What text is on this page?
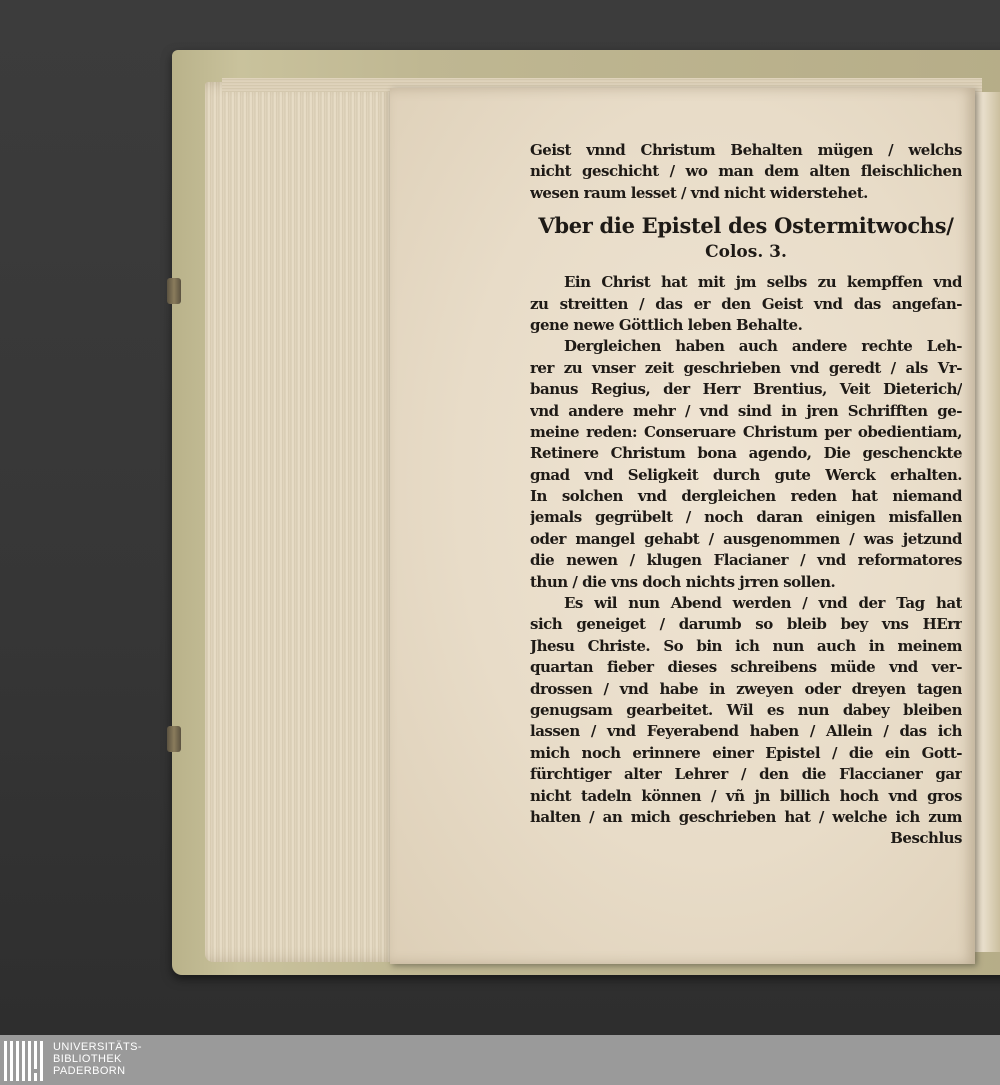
Geist vnnd Christum Behalten mügen / welchs
nicht geschicht / wo man dem alten fleischlichen
wesen raum lesset / vnd nicht widerstehet.
Vber die Epistel des Ostermitwochs/
Colos. 3.
Ein Christ hat mit jm selbs zu kempffen vnd
zu streitten / das er den Geist vnd das angefan-
gene newe Göttlich leben Behalte.
Dergleichen haben auch andere rechte Leh-
rer zu vnser zeit geschrieben vnd geredt / als Vr-
banus Regius, der Herr Brentius, Veit Dieterich/
vnd andere mehr / vnd sind in jren Schrifften ge-
meine reden: Conseruare Christum per obedientiam,
Retinere Christum bona agendo, Die geschenckte
gnad vnd Seligkeit durch gute Werck erhalten.
In solchen vnd dergleichen reden hat niemand
jemals gegrübelt / noch daran einigen misfallen
oder mangel gehabt / ausgenommen / was jetzund
die newen / klugen Flacianer / vnd reformatores
thun / die vns doch nichts jrren sollen.
Es wil nun Abend werden / vnd der Tag hat
sich geneiget / darumb so bleib bey vns HErr
Jhesu Christe. So bin ich nun auch in meinem
quartan fieber dieses schreibens müde vnd ver-
drossen / vnd habe in zweyen oder dreyen tagen
genugsam gearbeitet. Wil es nun dabey bleiben
lassen / vnd Feyerabend haben / Allein / das ich
mich noch erinnere einer Epistel / die ein Gott-
fürchtiger alter Lehrer / den die Flaccianer gar
nicht tadeln können / vñ jn billich hoch vnd gros
halten / an mich geschrieben hat / welche ich zum
Beschlus
UNIVERSITÄTS-
BIBLIOTHEK
PADERBORN
